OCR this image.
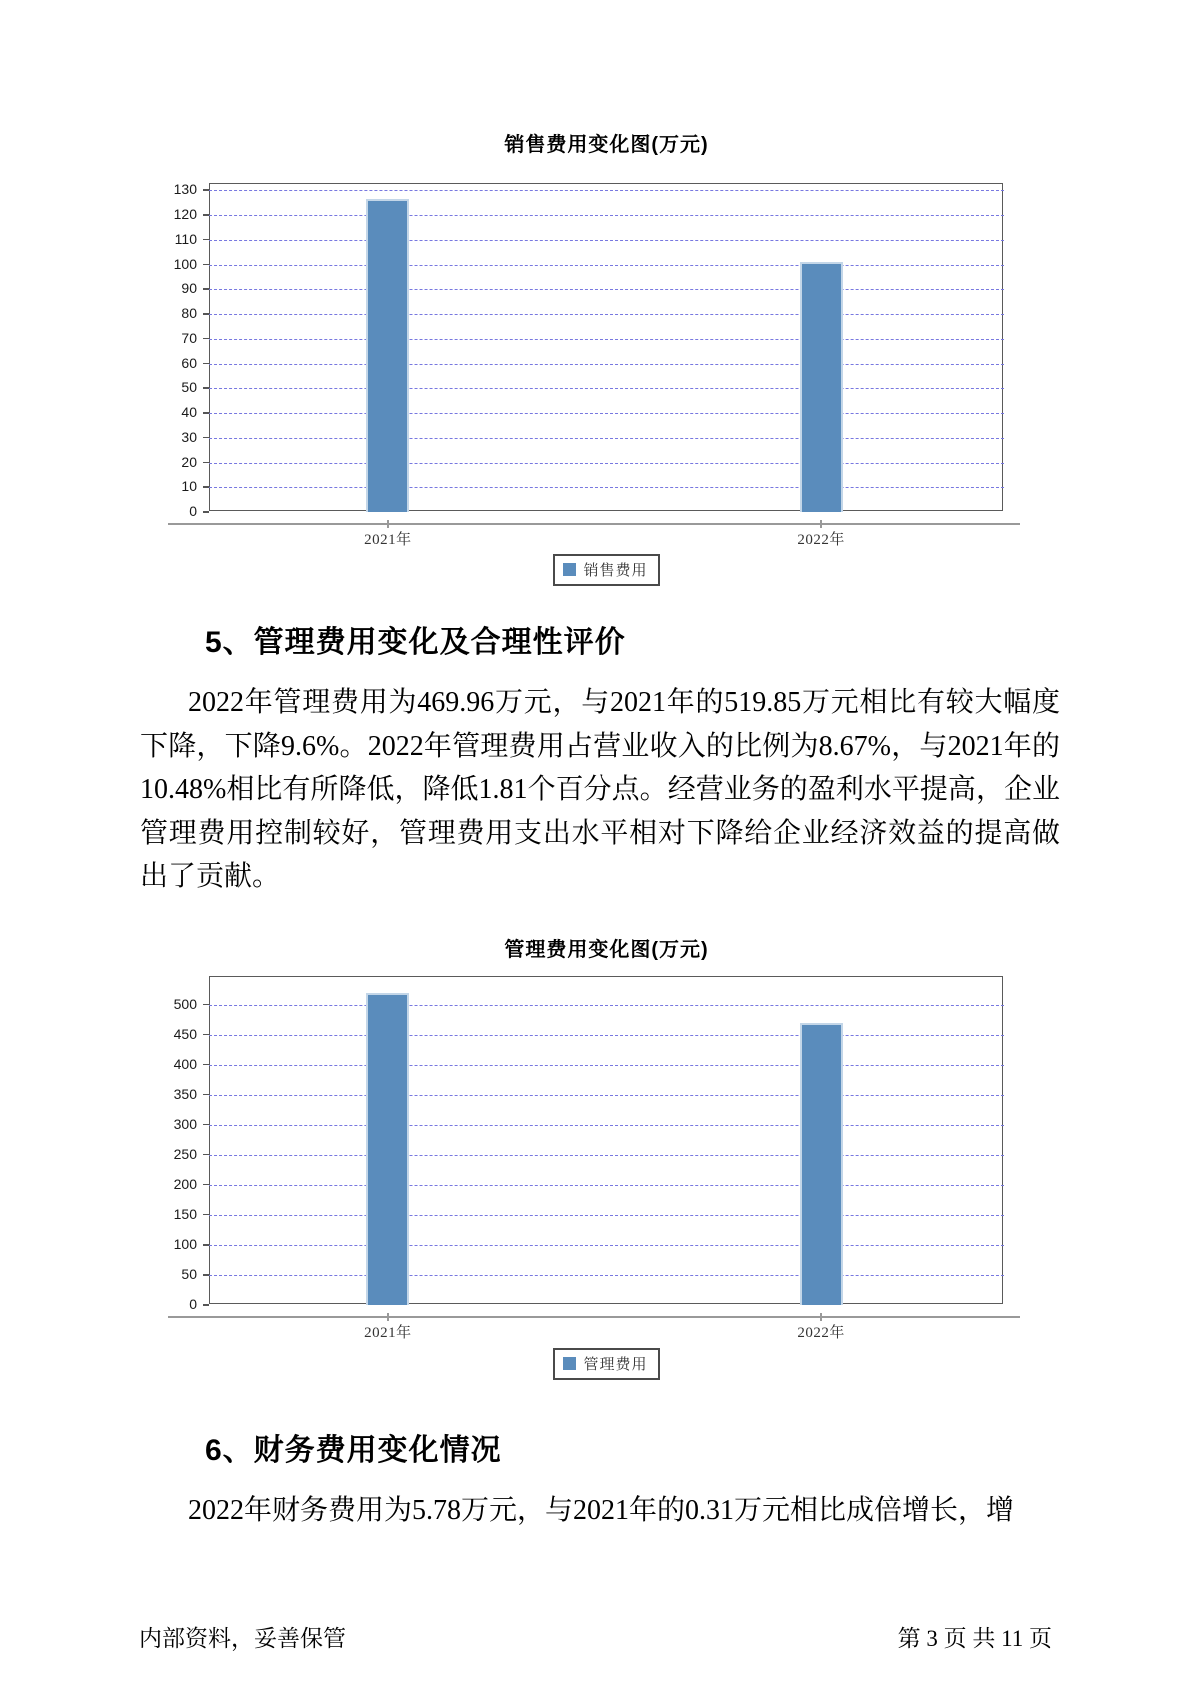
销售费用变化图(万元)
0
10
20
30
40
50
60
70
80
90
100
110
120
130
2021年	2022年
销售费用
5、管理费用变化及合理性评价
2022年管理费用为469.96万元，与2021年的519.85万元相比有较大幅度下降，下降9.6%。2022年管理费用占营业收入的比例为8.67%，与2021年的10.48%相比有所降低，降低1.81个百分点。经营业务的盈利水平提高，企业管理费用控制较好，管理费用支出水平相对下降给企业经济效益的提高做出了贡献。
管理费用变化图(万元)
0
50
100
150
200
250
300
350
400
450
500
2021年	2022年
管理费用
6、财务费用变化情况
2022年财务费用为5.78万元，与2021年的0.31万元相比成倍增长，增
内部资料，妥善保管	第 3 页 共 11 页
